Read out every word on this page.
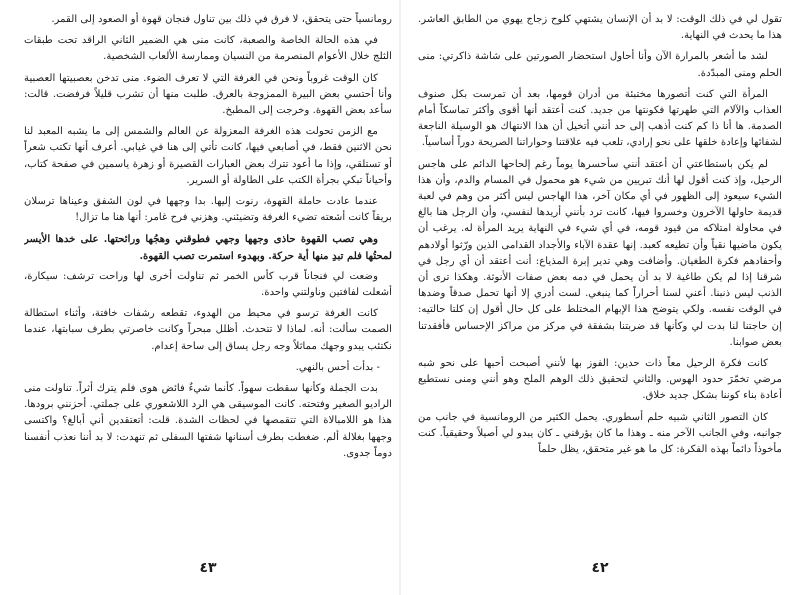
رومانسياً حتى يتحقق، لا فرق في ذلك بين تناول فنجان قهوة أو الصعود إلى القمر.

في هذه الحالة الخاصة والصعبة، كانت منى هي الضمير الثاني الراقد تحت طبقات الثلج خلال الأعوام المنصرمة من النسيان وممارسة الألعاب الشخصية.

كان الوقت غروباً ونحن في الغرفة التي لا تعرف الضوء. منى تدخن بعصبيتها العصبية وأنا أحتسي بعض البيرة الممزوجة بالعرق. طلبت منها أن تشرب قليلاً فرفضت. قالت: سأعد بعض القهوة. وخرجت إلى المطبخ.

مع الزمن تحولت هذه الغرفة المعزولة عن العالم والشمس إلى ما يشبه المعبد لنا نحن الاثنين فقط، في أصابعي فيها، كانت تأتي إلى هنا في غيابي. أعرف أنها تكتب شعراً أو تستلقي، وإذا ما أعود تترك بعض العبارات القصيرة أو زهرة ياسمين في صفحة كتاب، وأحياناً تبكي بجرأة الكتب على الطاولة أو السرير.

عندما عادت حاملة القهوة، رنوت إليها. بدا وجهها في لون الشفق وعيناها ترسلان بريقاً كانت أشعته تضيء الغرفة وتضيئني. وهزني فرح غامر: أنها هنا ما تزال!

وهي تصب القهوة حاذى وجهها وجهي فطوقني وهجُها ورائحتها. على خدها الأيسر لمحتُها فلم تبدِ منها أية حركة. وبهدوء استمرت تصب القهوة.

وضعت لي فنجاناً قرب كأس الخمر ثم تناولت أخرى لها وراحت ترشف: سيكارة، أشعلت لفافتين وناولتني واحدة.

كانت الغرفة ترسو في محيط من الهدوء، تقطعه رشفات خافتة، وأثناء استطالة الصمت سألت: أنه. لماذا لا تتحدث. أظلل مبحراً وكانت خاصرتي بطرف سبابتها، عندما نكتئب يبدو وجهك مماثلاً وجه رجل يساق إلى ساحة إعدام.

- بدأت أحس بالنهي.

بدت الجملة وكأنها سقطت سهواً. كأنما شيءٌ فائض هوى فلم يترك أثراً. تناولت منى الراديو الصغير وفتحته. كانت الموسيقى هي الرد اللاشعوري على جملتي. أحزنني برودها. هذا هو اللامبالاة التي تتقمصها في لحظات الشدة. قلت: أتعتقدين أني أبالغ؟ واكتسى وجهها بغلالة ألم. ضغطت بطرف أسنانها شفتها السفلى ثم تنهدت: لا بد أننا نعذب أنفسنا دوماً جدوى.

٤٣

تقول لي في ذلك الوقت: لا بد أن الإنسان يشتهي كلوح زجاج يهوي من الطابق العاشر. هذا ما يحدث في النهاية.

لشد ما أشعر بالمرارة الآن وأنا أحاول استحضار الصورتين على شاشة ذاكرتي: منى الحلم ومنى المبدّدة.

المرأة التي كنت أتصورها مختبئة من أدران قومها، بعد أن تمرست بكل صنوف العذاب والآلام التي طهرتها فكونتها من جديد. كنت أعتقد أنها أقوى وأكثر تماسكاً أمام الصدمة. ها أنا ذا كم كنت أذهب إلى حد أنني أتخيل أن هذا الانتهاك هو الوسيلة الناجعة لشفائها وإعادة خلقها على نحو إرادي، تلعب فيه علاقتنا وحواراتنا الصريحة دوراً أساسياً.

لم يكن باستطاعتي أن أعتقد أنني سأحسرها يوماً رغم إلحاحها الدائم على هاجس الرحيل، وإذ كنت أقول لها أنك تبريين من شيء هو محمول في المسام والدم، وأن هذا الشيء سيعود إلى الظهور في أي مكان آخر، هذا الهاجس ليس أكثر من وهم في لعبة قديمة حاولها الآخرون وخسروا فيها، كانت ترد بأنني أريدها لنفسي، وأن الرجل هنا بالغ في محاولة امتلاكه من قيود قومه، في أي شيء في النهاية يريد المرأة له. يرغب أن يكون ماضيها نقياً وأن تطيعه كعبد. إنها عقدة الآباء والأجداد القدامى الذين ورّثوا أولادهم وأحفادهم فكرة الطغيان. وأضافت وهي تدير إبرة المذياع: أنت أعتقد أن أي رجل في شرقنا إذا لم يكن طاغية لا بد أن يحمل في دمه بعض صفات الأنوثة. وهكذا ترى أن الذنب ليس ذنبنا. أعني لسنا أحراراً كما ينبغي. لست أدري إلا أنها تحمل صدقاً وضدها في الوقت نفسه. ولكي يتوضح هذا الإبهام المختلط على كل حال أقول إن كلتا حالتيه: إن حاجتنا لنا بدت لي وكأنها قد ضربتنا بشفقة في مركز من مراكز الإحساس فأفقدتنا بعض صوابنا.

كانت فكرة الرحيل معاً ذات حدين: الفوز بها لأنني أصبحت أحبها على نحو شبه مرضي تخمّرَ حدود الهوس. والثاني لتحقيق ذلك الوهم الملح وهو أنني ومنى نستطيع أعادة بناء كوننا بشكل جديد خلاق.

كان التصور الثاني شبيه حلم أسطوري. يحمل الكثير من الرومانسية في جانب من جوانبه، وفي الجانب الآخر منه ـ وهذا ما كان يؤرقني ـ كان يبدو لي أصيلاً وحقيقياً. كنت مأخوذاً دائماً بهذه الفكرة: كل ما هو غير متحقق، يظل حلماً

٤٢
